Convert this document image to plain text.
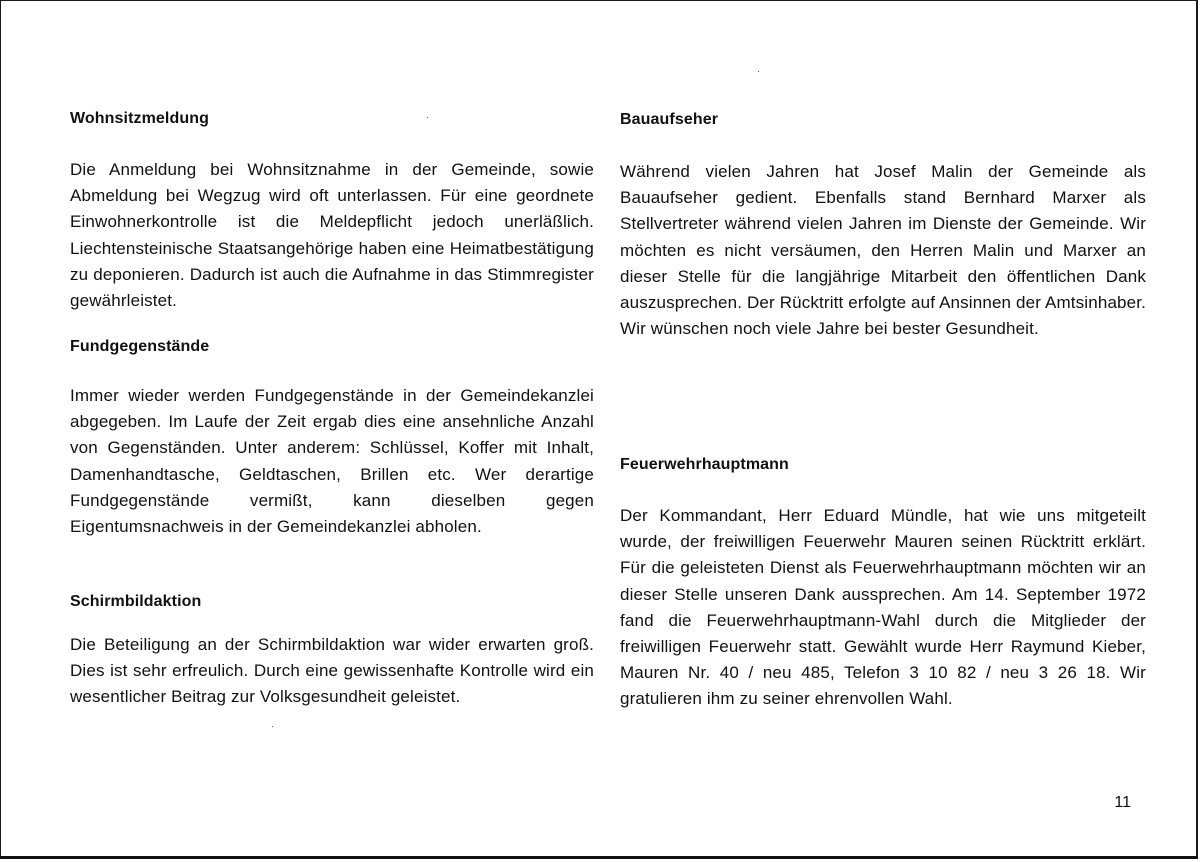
Wohnsitzmeldung

Die Anmeldung bei Wohnsitznahme in der Gemeinde, sowie Abmeldung bei Wegzug wird oft unterlassen. Für eine geordnete Einwohnerkontrolle ist die Meldepflicht jedoch unerläßlich. Liechtensteinische Staatsangehörige haben eine Heimatbestätigung zu deponieren. Dadurch ist auch die Aufnahme in das Stimmregister gewährleistet.

Fundgegenstände

Immer wieder werden Fundgegenstände in der Gemeindekanzlei abgegeben. Im Laufe der Zeit ergab dies eine ansehnliche Anzahl von Gegenständen. Unter anderem: Schlüssel, Koffer mit Inhalt, Damenhandtasche, Geldtaschen, Brillen etc. Wer derartige Fundgegenstände vermißt, kann dieselben gegen Eigentumsnachweis in der Gemeindekanzlei abholen.

Schirmbildaktion

Die Beteiligung an der Schirmbildaktion war wider erwarten groß. Dies ist sehr erfreulich. Durch eine gewissenhafte Kontrolle wird ein wesentlicher Beitrag zur Volksgesundheit geleistet.

Bauaufseher

Während vielen Jahren hat Josef Malin der Gemeinde als Bauaufseher gedient. Ebenfalls stand Bernhard Marxer als Stellvertreter während vielen Jahren im Dienste der Gemeinde. Wir möchten es nicht versäumen, den Herren Malin und Marxer an dieser Stelle für die langjährige Mitarbeit den öffentlichen Dank auszusprechen. Der Rücktritt erfolgte auf Ansinnen der Amtsinhaber. Wir wünschen noch viele Jahre bei bester Gesundheit.

Feuerwehrhauptmann

Der Kommandant, Herr Eduard Mündle, hat wie uns mitgeteilt wurde, der freiwilligen Feuerwehr Mauren seinen Rücktritt erklärt. Für die geleisteten Dienst als Feuerwehrhauptmann möchten wir an dieser Stelle unseren Dank aussprechen. Am 14. September 1972 fand die Feuerwehrhauptmann-Wahl durch die Mitglieder der freiwilligen Feuerwehr statt. Gewählt wurde Herr Raymund Kieber, Mauren Nr. 40 / neu 485, Telefon 3 10 82 / neu 3 26 18. Wir gratulieren ihm zu seiner ehrenvollen Wahl.

11
